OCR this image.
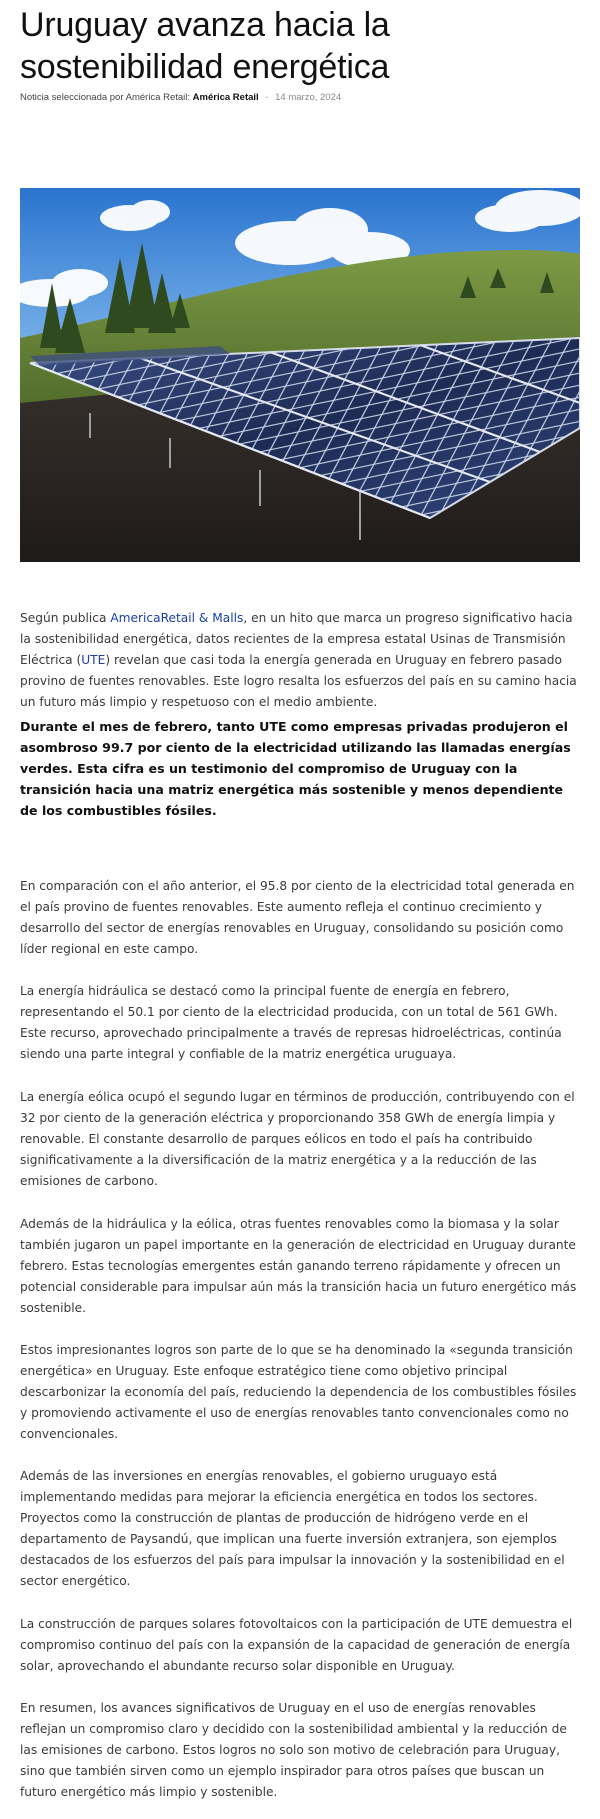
Uruguay avanza hacia la sostenibilidad energética
Noticia seleccionada por América Retail: América Retail - 14 marzo, 2024

Según publica AmericaRetail & Malls, en un hito que marca un progreso significativo hacia la sostenibilidad energética, datos recientes de la empresa estatal Usinas de Transmisión Eléctrica (UTE) revelan que casi toda la energía generada en Uruguay en febrero pasado provino de fuentes renovables. Este logro resalta los esfuerzos del país en su camino hacia un futuro más limpio y respetuoso con el medio ambiente.

Durante el mes de febrero, tanto UTE como empresas privadas produjeron el asombroso 99.7 por ciento de la electricidad utilizando las llamadas energías verdes. Esta cifra es un testimonio del compromiso de Uruguay con la transición hacia una matriz energética más sostenible y menos dependiente de los combustibles fósiles.

En comparación con el año anterior, el 95.8 por ciento de la electricidad total generada en el país provino de fuentes renovables. Este aumento refleja el continuo crecimiento y desarrollo del sector de energías renovables en Uruguay, consolidando su posición como líder regional en este campo.

La energía hidráulica se destacó como la principal fuente de energía en febrero, representando el 50.1 por ciento de la electricidad producida, con un total de 561 GWh. Este recurso, aprovechado principalmente a través de represas hidroeléctricas, continúa siendo una parte integral y confiable de la matriz energética uruguaya.

La energía eólica ocupó el segundo lugar en términos de producción, contribuyendo con el 32 por ciento de la generación eléctrica y proporcionando 358 GWh de energía limpia y renovable. El constante desarrollo de parques eólicos en todo el país ha contribuido significativamente a la diversificación de la matriz energética y a la reducción de las emisiones de carbono.

Además de la hidráulica y la eólica, otras fuentes renovables como la biomasa y la solar también jugaron un papel importante en la generación de electricidad en Uruguay durante febrero. Estas tecnologías emergentes están ganando terreno rápidamente y ofrecen un potencial considerable para impulsar aún más la transición hacia un futuro energético más sostenible.

Estos impresionantes logros son parte de lo que se ha denominado la «segunda transición energética» en Uruguay. Este enfoque estratégico tiene como objetivo principal descarbonizar la economía del país, reduciendo la dependencia de los combustibles fósiles y promoviendo activamente el uso de energías renovables tanto convencionales como no convencionales.

Además de las inversiones en energías renovables, el gobierno uruguayo está implementando medidas para mejorar la eficiencia energética en todos los sectores. Proyectos como la construcción de plantas de producción de hidrógeno verde en el departamento de Paysandú, que implican una fuerte inversión extranjera, son ejemplos destacados de los esfuerzos del país para impulsar la innovación y la sostenibilidad en el sector energético.

La construcción de parques solares fotovoltaicos con la participación de UTE demuestra el compromiso continuo del país con la expansión de la capacidad de generación de energía solar, aprovechando el abundante recurso solar disponible en Uruguay.

En resumen, los avances significativos de Uruguay en el uso de energías renovables reflejan un compromiso claro y decidido con la sostenibilidad ambiental y la reducción de las emisiones de carbono. Estos logros no solo son motivo de celebración para Uruguay, sino que también sirven como un ejemplo inspirador para otros países que buscan un futuro energético más limpio y sostenible.
